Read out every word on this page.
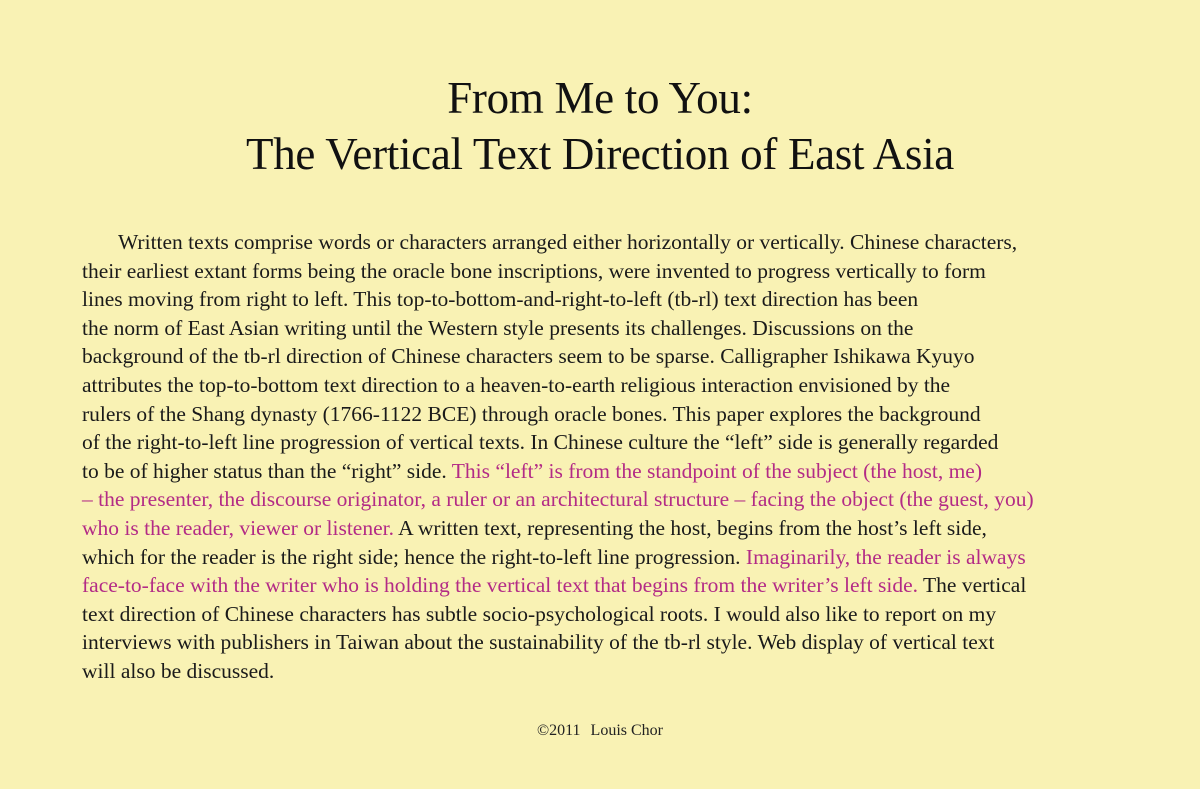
From Me to You:
The Vertical Text Direction of East Asia
Written texts comprise words or characters arranged either horizontally or vertically. Chinese characters,
their earliest extant forms being the oracle bone inscriptions, were invented to progress vertically to form
lines moving from right to left. This top-to-bottom-and-right-to-left (tb-rl) text direction has been
the norm of East Asian writing until the Western style presents its challenges. Discussions on the
background of the tb-rl direction of Chinese characters seem to be sparse. Calligrapher Ishikawa Kyuyo
attributes the top-to-bottom text direction to a heaven-to-earth religious interaction envisioned by the
rulers of the Shang dynasty (1766-1122 BCE) through oracle bones. This paper explores the background
of the right-to-left line progression of vertical texts. In Chinese culture the “left” side is generally regarded
to be of higher status than the “right” side. This “left” is from the standpoint of the subject (the host, me)
– the presenter, the discourse originator, a ruler or an architectural structure – facing the object (the guest, you)
who is the reader, viewer or listener. A written text, representing the host, begins from the host’s left side,
which for the reader is the right side; hence the right-to-left line progression. Imaginarily, the reader is always
face-to-face with the writer who is holding the vertical text that begins from the writer’s left side. The vertical
text direction of Chinese characters has subtle socio-psychological roots. I would also like to report on my
interviews with publishers in Taiwan about the sustainability of the tb-rl style. Web display of vertical text
will also be discussed.
©2011 Louis Chor
